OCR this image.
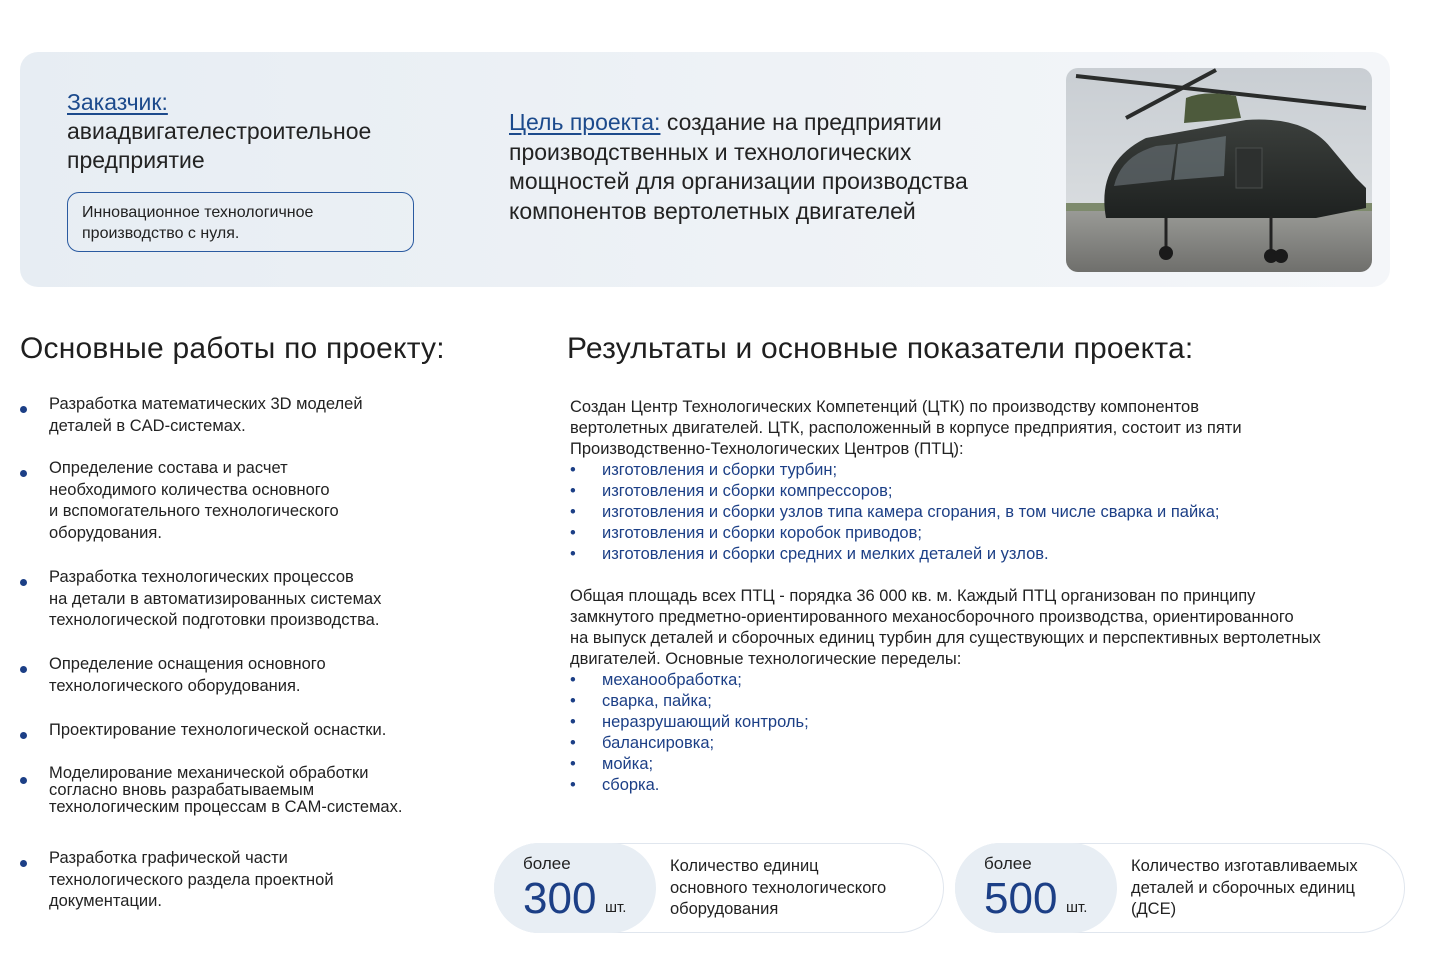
Заказчик:
авиадвигателестроительное
предприятие
Инновационное технологичное
производство с нуля.
Цель проекта: создание на предприятии
производственных и технологических
мощностей для организации производства
компонентов вертолетных двигателей
Основные работы по проекту:
Разработка математических 3D моделей
деталей в CAD-системах.
Определение состава и расчет
необходимого количества основного
и вспомогательного технологического
оборудования.
Разработка технологических процессов
на детали в автоматизированных системах
технологической подготовки производства.
Определение оснащения основного
технологического оборудования.
Проектирование технологической оснастки.
Моделирование механической обработки
согласно вновь разрабатываемым
технологическим процессам в CAM-системах.
Разработка графической части
технологического раздела проектной
документации.
Результаты и основные показатели проекта:
Создан Центр Технологических Компетенций (ЦТК) по производству компонентов
вертолетных двигателей. ЦТК, расположенный в корпусе предприятия, состоит из пяти
Производственно-Технологических Центров (ПТЦ):
• изготовления и сборки турбин;
• изготовления и сборки компрессоров;
• изготовления и сборки узлов типа камера сгорания, в том числе сварка и пайка;
• изготовления и сборки коробок приводов;
• изготовления и сборки средних и мелких деталей и узлов.
Общая площадь всех ПТЦ - порядка 36 000 кв. м. Каждый ПТЦ организован по принципу
замкнутого предметно-ориентированного механосборочного производства, ориентированного
на выпуск деталей и сборочных единиц турбин для существующих и перспективных вертолетных
двигателей. Основные технологические переделы:
• механообработка;
• сварка, пайка;
• неразрушающий контроль;
• балансировка;
• мойка;
• сборка.
более
300 шт.
Количество единиц
основного технологического
оборудования
более
500 шт.
Количество изготавливаемых
деталей и сборочных единиц
(ДСЕ)
